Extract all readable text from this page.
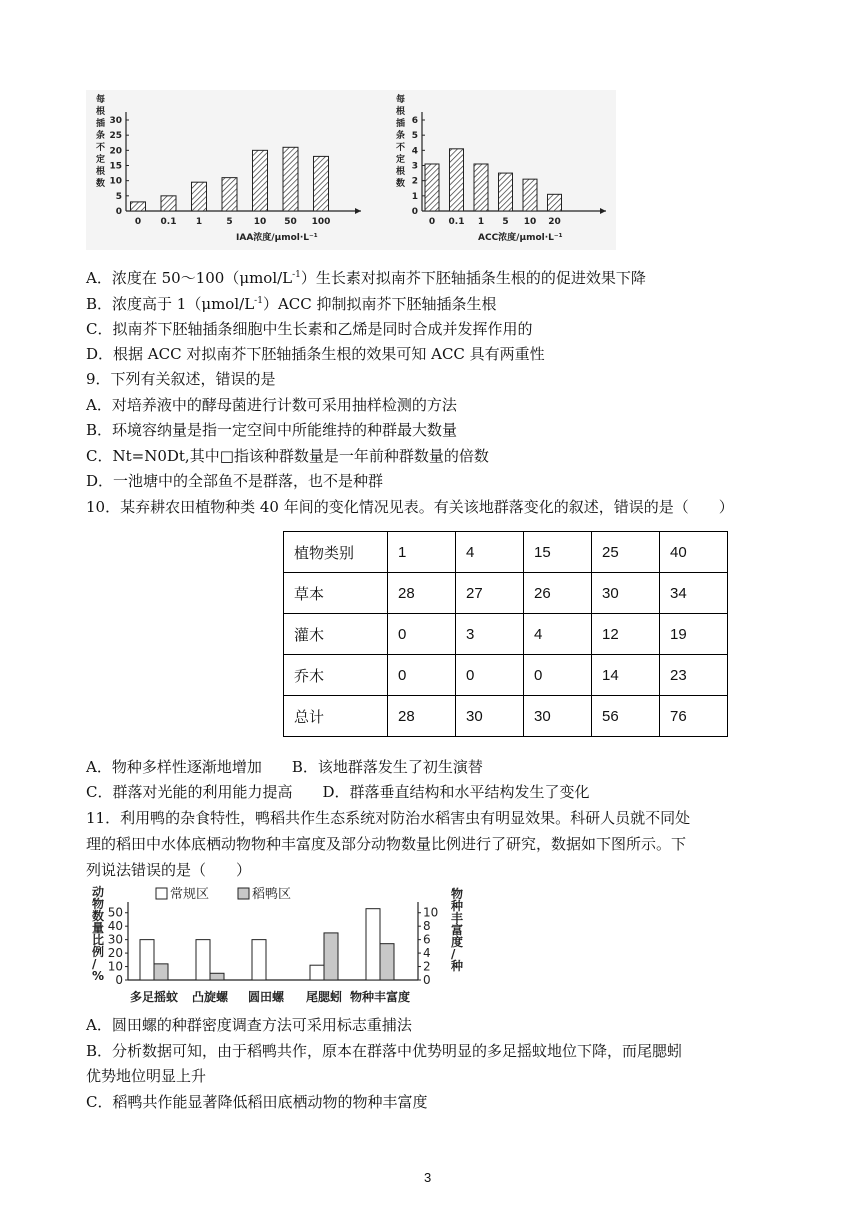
每根插条不定根数
0
5
10
15
20
25
30
0 0.1 1	5 10 50 100
IAA浓度/μmol·L⁻¹
每根插条不定根数
0
1
2
3
4
5
6
0 0.1 1 5 10 20
ACC浓度/μmol·L⁻¹
A．浓度在 $50\sim 100(\mu mol/L^{-1})$生长素对拟南芥下胚轴插条生根的的促进效果下降
B．浓度高于 $1(\mu mol/L^{-1})ACC$ 抑制拟南芥下胚轴插条生根
C．拟南芥下胚轴插条细胞中生长素和乙烯是同时合成并发挥作用的
D．根据 ACC 对拟南芥下胚轴插条生根的效果可知 ACC 具有两重性
9．下列有关叙述，错误的是
A．对培养液中的酵母菌进行计数可采用抽样检测的方法
B．环境容纳量是指一定空间中所能维持的种群最大数量
C．Nt=N0Dt,其中□指该种群数量是一年前种群数量的倍数
D．一池塘中的全部鱼不是群落，也不是种群
10．某弃耕农田植物种类 40 年间的变化情况见表。有关该地群落变化的叙述，错误的是（　　）
植物类别	1	4	15	25	40
草本	28	27	26	30	34
灌木	0	3	4	12	19
乔木	0	0	0	14	23
总计	28	30	30	56	76
A．物种多样性逐渐地增加　　B．该地群落发生了初生演替
C．群落对光能的利用能力提高　　D．群落垂直结构和水平结构发生了变化
11．利用鸭的杂食特性，鸭稻共作生态系统对防治水稻害虫有明显效果。科研人员就不同处
理的稻田中水体底栖动物物种丰富度及部分动物数量比例进行了研究，数据如下图所示。下
列说法错误的是（　　）
常规区	稻鸭区
动物数量比例/ %
物种丰富度/种
0
10
20
30
40
50
0
2
4
6
8
10
多足摇蚊 凸旋螺 圆田螺 尾腮蚓 物种丰富度
A．圆田螺的种群密度调查方法可采用标志重捕法
B．分析数据可知，由于稻鸭共作，原本在群落中优势明显的多足摇蚊地位下降，而尾腮蚓
优势地位明显上升
C．稻鸭共作能显著降低稻田底栖动物的物种丰富度
3
